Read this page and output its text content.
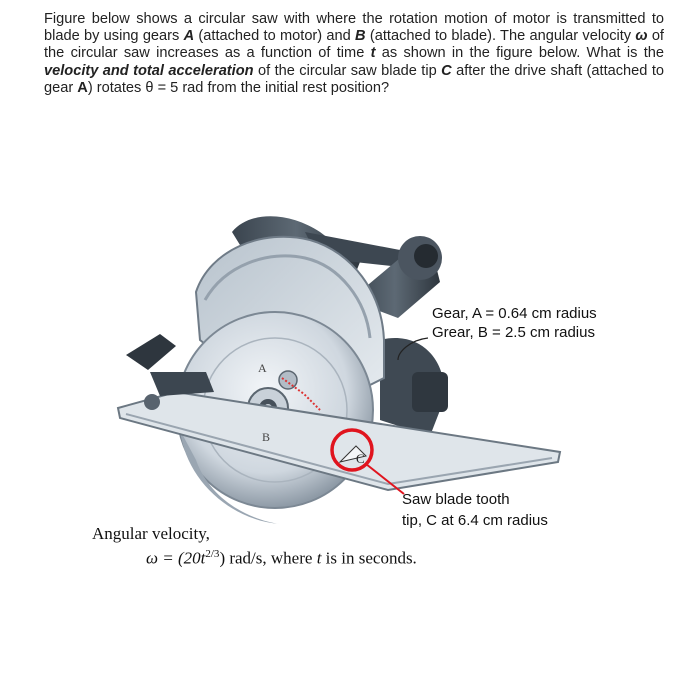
Figure below shows a circular saw with where the rotation motion of motor is transmitted to blade by using gears A (attached to motor) and B (attached to blade). The angular velocity ω of the circular saw increases as a function of time t as shown in the figure below. What is the velocity and total acceleration of the circular saw blade tip C after the drive shaft (attached to gear A) rotates θ = 5 rad from the initial rest position?

A
B
C
Gear, A = 0.64 cm radius
Grear, B = 2.5 cm radius
Saw blade tooth
tip, C at 6.4 cm radius
Angular velocity,
$\omega = (20t^{2/3})$ rad/s, where t is in seconds.
